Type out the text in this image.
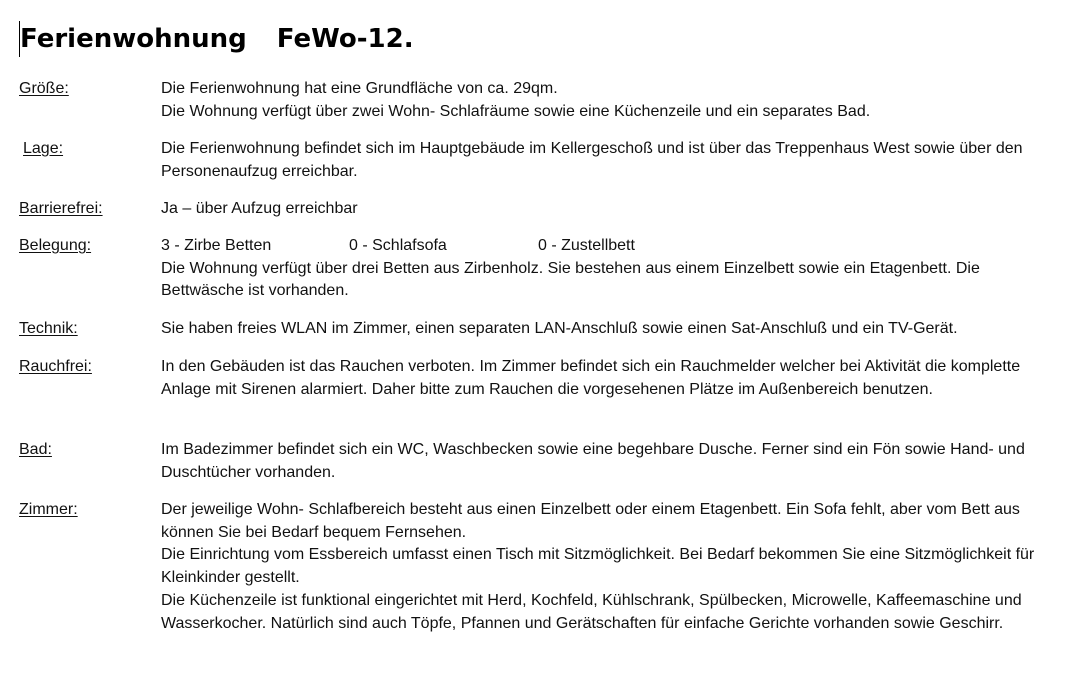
Ferienwohnung FeWo-12.
Größe:	Die Ferienwohnung hat eine Grundfläche von ca. 29qm.

Die Wohnung verfügt über zwei Wohn- Schlafräume sowie eine Küchenzeile und ein separates Bad.

Lage:	Die Ferienwohnung befindet sich im Hauptgebäude im Kellergeschoß und ist über das Treppenhaus West sowie über den Personenaufzug erreichbar.

Barrierefrei:	Ja – über Aufzug erreichbar

Belegung:	3 - Zirbe Betten	0 - Schlafsofa	0 - Zustellbett

Die Wohnung verfügt über drei Betten aus Zirbenholz. Sie bestehen aus einem Einzelbett sowie ein Etagenbett. Die Bettwäsche ist vorhanden.

Technik:	Sie haben freies WLAN im Zimmer, einen separaten LAN-Anschluß sowie einen Sat-Anschluß und ein TV-Gerät.

Rauchfrei:	In den Gebäuden ist das Rauchen verboten. Im Zimmer befindet sich ein Rauchmelder welcher bei Aktivität die komplette Anlage mit Sirenen alarmiert. Daher bitte zum Rauchen die vorgesehenen Plätze im Außenbereich benutzen.

Bad:	Im Badezimmer befindet sich ein WC, Waschbecken sowie eine begehbare Dusche. Ferner sind ein Fön sowie Hand- und Duschtücher vorhanden.

Zimmer:	Der jeweilige Wohn- Schlafbereich besteht aus einen Einzelbett oder einem Etagenbett. Ein Sofa fehlt, aber vom Bett aus können Sie bei Bedarf bequem Fernsehen.

Die Einrichtung vom Essbereich umfasst einen Tisch mit Sitzmöglichkeit. Bei Bedarf bekommen Sie eine Sitzmöglichkeit für Kleinkinder gestellt.

Die Küchenzeile ist funktional eingerichtet mit Herd, Kochfeld, Kühlschrank, Spülbecken, Microwelle, Kaffeemaschine und Wasserkocher. Natürlich sind auch Töpfe, Pfannen und Gerätschaften für einfache Gerichte vorhanden sowie Geschirr.
